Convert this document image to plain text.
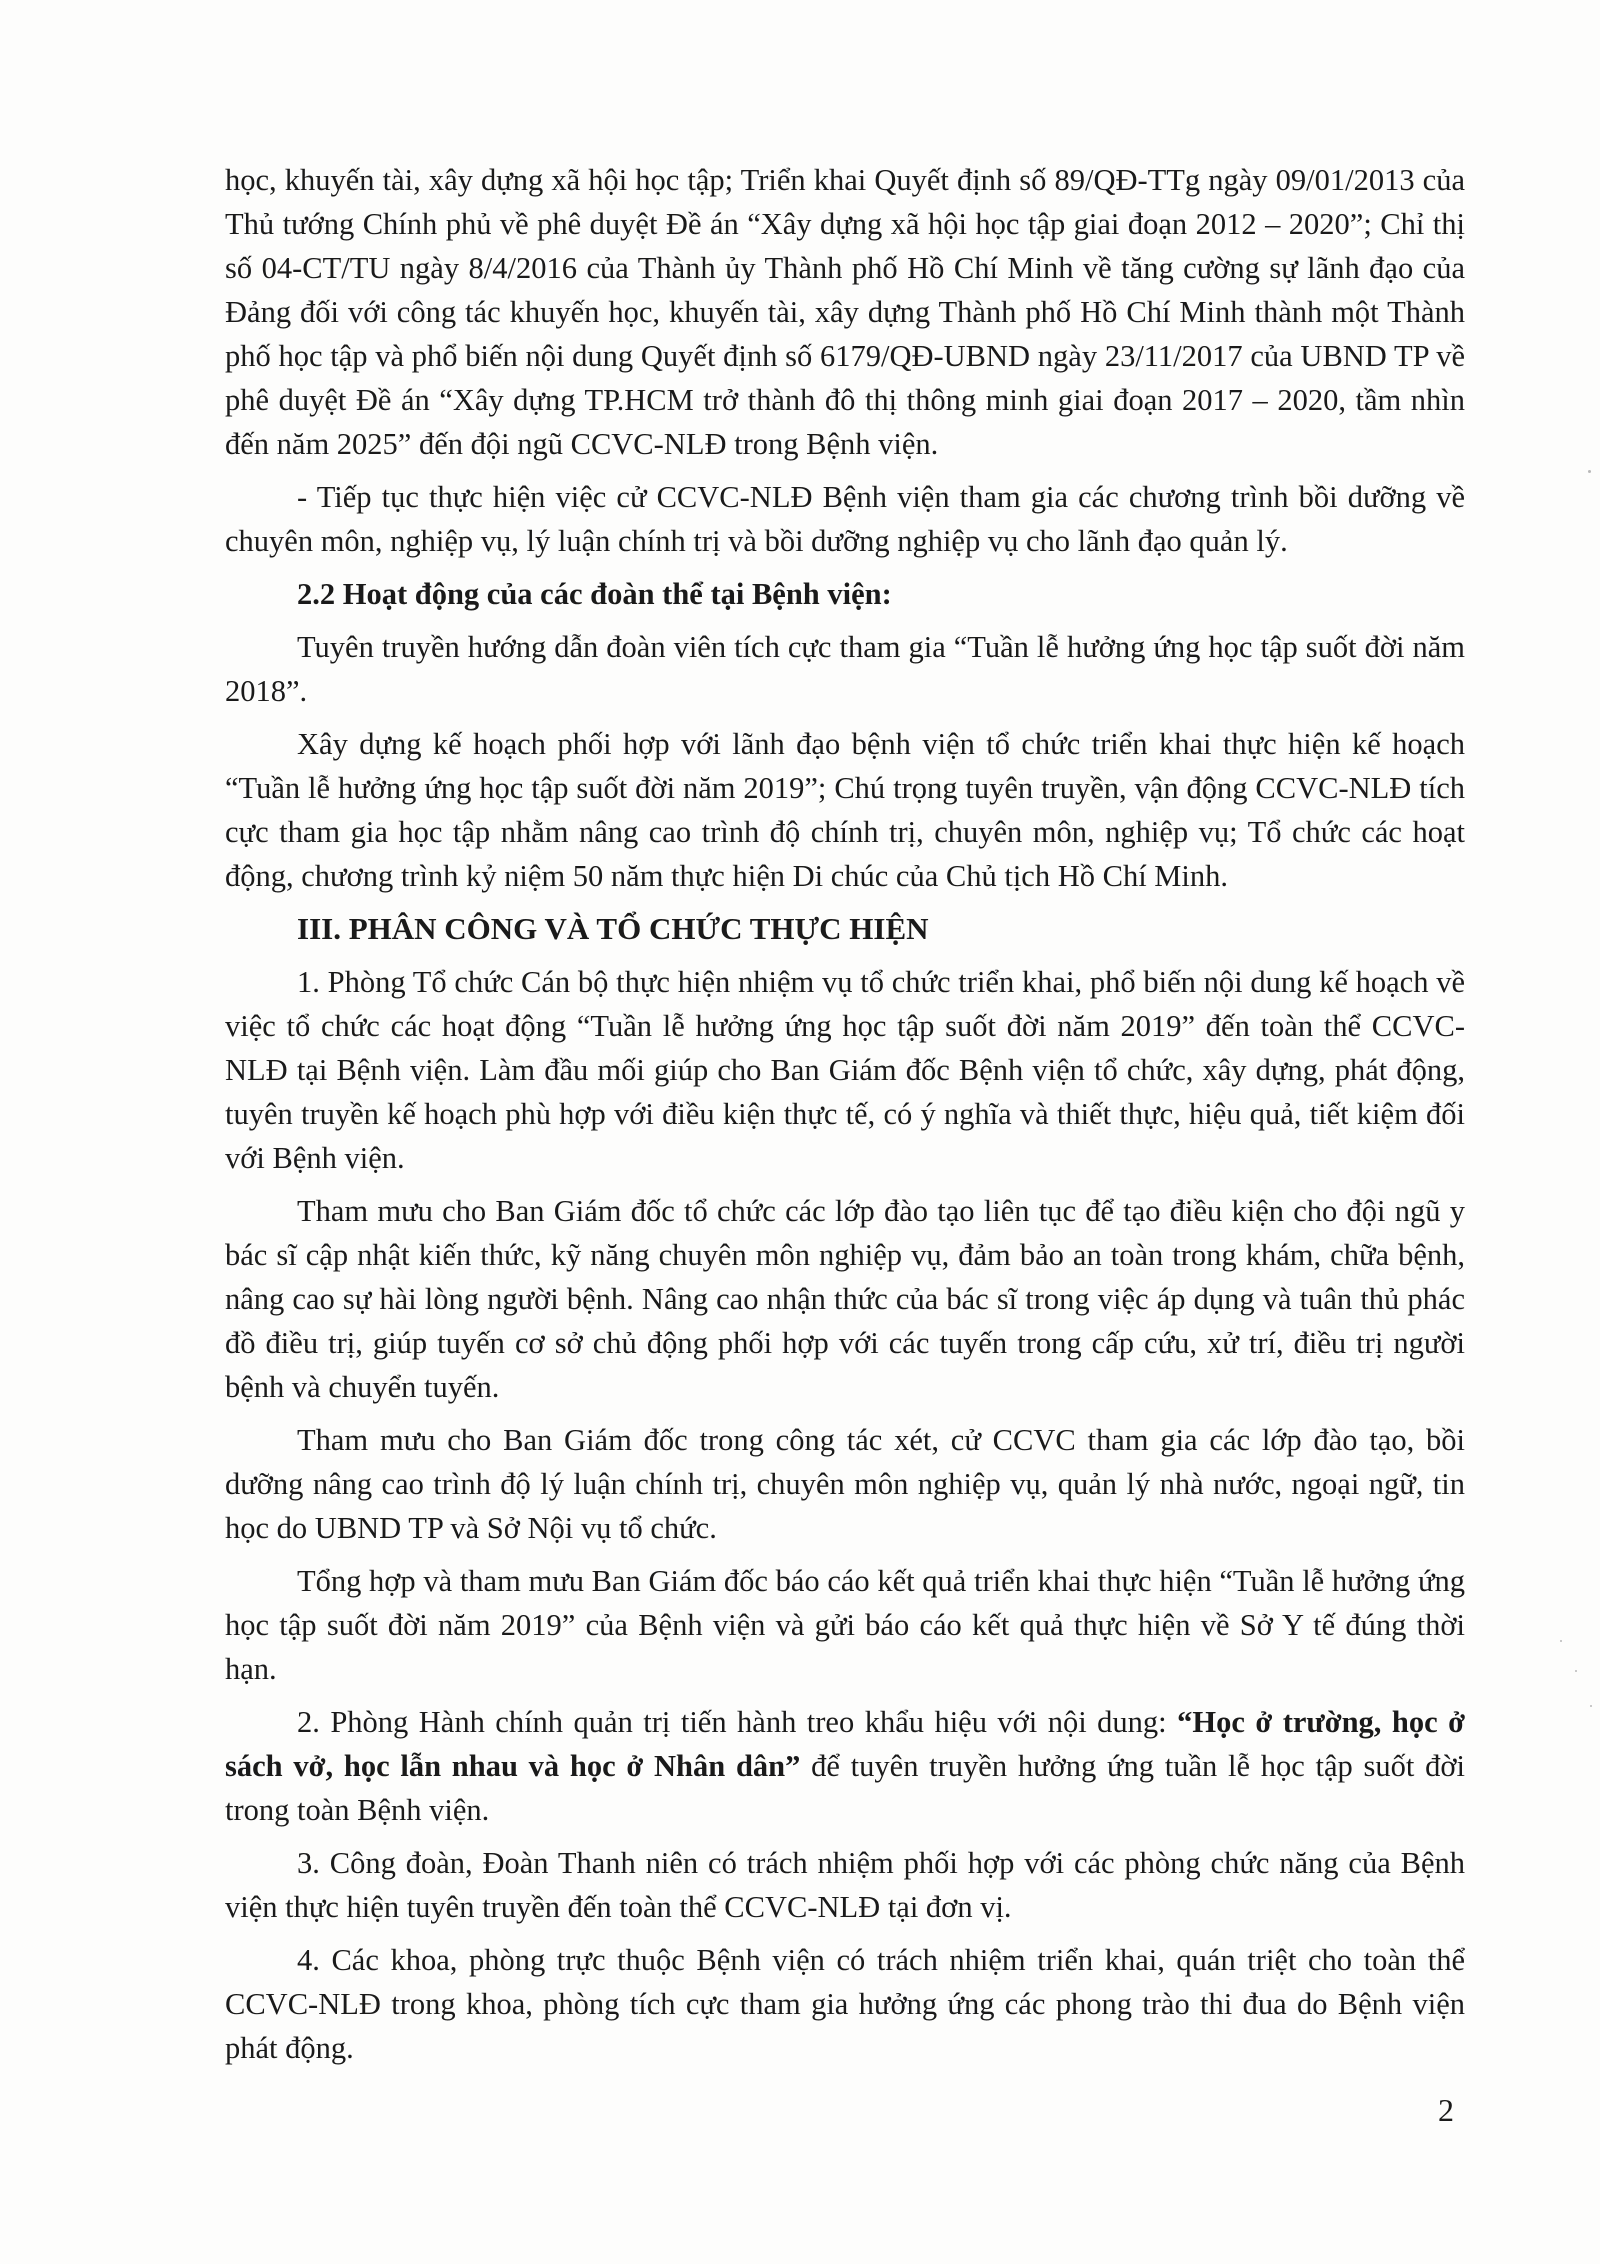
học, khuyến tài, xây dựng xã hội học tập; Triển khai Quyết định số 89/QĐ-TTg ngày 09/01/2013 của Thủ tướng Chính phủ về phê duyệt Đề án “Xây dựng xã hội học tập giai đoạn 2012 – 2020”; Chỉ thị số 04-CT/TU ngày 8/4/2016 của Thành ủy Thành phố Hồ Chí Minh về tăng cường sự lãnh đạo của Đảng đối với công tác khuyến học, khuyến tài, xây dựng Thành phố Hồ Chí Minh thành một Thành phố học tập và phổ biến nội dung Quyết định số 6179/QĐ-UBND ngày 23/11/2017 của UBND TP về phê duyệt Đề án “Xây dựng TP.HCM trở thành đô thị thông minh giai đoạn 2017 – 2020, tầm nhìn đến năm 2025” đến đội ngũ CCVC-NLĐ trong Bệnh viện.

- Tiếp tục thực hiện việc cử CCVC-NLĐ Bệnh viện tham gia các chương trình bồi dưỡng về chuyên môn, nghiệp vụ, lý luận chính trị và bồi dưỡng nghiệp vụ cho lãnh đạo quản lý.

2.2 Hoạt động của các đoàn thể tại Bệnh viện:

Tuyên truyền hướng dẫn đoàn viên tích cực tham gia “Tuần lễ hưởng ứng học tập suốt đời năm 2018”.

Xây dựng kế hoạch phối hợp với lãnh đạo bệnh viện tổ chức triển khai thực hiện kế hoạch “Tuần lễ hưởng ứng học tập suốt đời năm 2019”; Chú trọng tuyên truyền, vận động CCVC-NLĐ tích cực tham gia học tập nhằm nâng cao trình độ chính trị, chuyên môn, nghiệp vụ; Tổ chức các hoạt động, chương trình kỷ niệm 50 năm thực hiện Di chúc của Chủ tịch Hồ Chí Minh.

III. PHÂN CÔNG VÀ TỔ CHỨC THỰC HIỆN

1. Phòng Tổ chức Cán bộ thực hiện nhiệm vụ tổ chức triển khai, phổ biến nội dung kế hoạch về việc tổ chức các hoạt động “Tuần lễ hưởng ứng học tập suốt đời năm 2019” đến toàn thể CCVC-NLĐ tại Bệnh viện. Làm đầu mối giúp cho Ban Giám đốc Bệnh viện tổ chức, xây dựng, phát động, tuyên truyền kế hoạch phù hợp với điều kiện thực tế, có ý nghĩa và thiết thực, hiệu quả, tiết kiệm đối với Bệnh viện.

Tham mưu cho Ban Giám đốc tổ chức các lớp đào tạo liên tục để tạo điều kiện cho đội ngũ y bác sĩ cập nhật kiến thức, kỹ năng chuyên môn nghiệp vụ, đảm bảo an toàn trong khám, chữa bệnh, nâng cao sự hài lòng người bệnh. Nâng cao nhận thức của bác sĩ trong việc áp dụng và tuân thủ phác đồ điều trị, giúp tuyến cơ sở chủ động phối hợp với các tuyến trong cấp cứu, xử trí, điều trị người bệnh và chuyển tuyến.

Tham mưu cho Ban Giám đốc trong công tác xét, cử CCVC tham gia các lớp đào tạo, bồi dưỡng nâng cao trình độ lý luận chính trị, chuyên môn nghiệp vụ, quản lý nhà nước, ngoại ngữ, tin học do UBND TP và Sở Nội vụ tổ chức.

Tổng hợp và tham mưu Ban Giám đốc báo cáo kết quả triển khai thực hiện “Tuần lễ hưởng ứng học tập suốt đời năm 2019” của Bệnh viện và gửi báo cáo kết quả thực hiện về Sở Y tế đúng thời hạn.

2. Phòng Hành chính quản trị tiến hành treo khẩu hiệu với nội dung: “Học ở trường, học ở sách vở, học lẫn nhau và học ở Nhân dân” để tuyên truyền hưởng ứng tuần lễ học tập suốt đời trong toàn Bệnh viện.

3. Công đoàn, Đoàn Thanh niên có trách nhiệm phối hợp với các phòng chức năng của Bệnh viện thực hiện tuyên truyền đến toàn thể CCVC-NLĐ tại đơn vị.

4. Các khoa, phòng trực thuộc Bệnh viện có trách nhiệm triển khai, quán triệt cho toàn thể CCVC-NLĐ trong khoa, phòng tích cực tham gia hưởng ứng các phong trào thi đua do Bệnh viện phát động.

2
